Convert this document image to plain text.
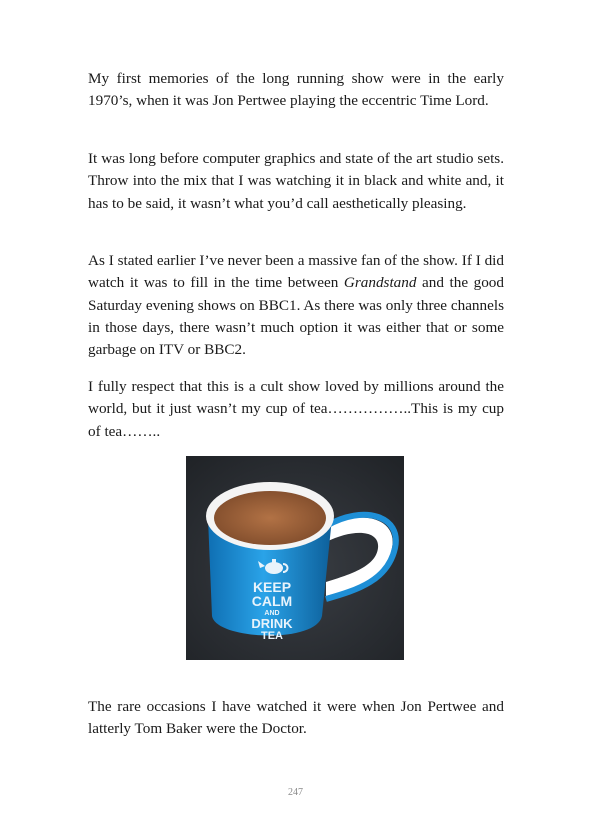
My first memories of the long running show were in the early 1970’s, when it was Jon Pertwee playing the eccentric Time Lord.

It was long before computer graphics and state of the art studio sets. Throw into the mix that I was watching it in black and white and, it has to be said, it wasn’t what you’d call aesthetically pleasing.

As I stated earlier I’ve never been a massive fan of the show. If I did watch it was to fill in the time between Grandstand and the good Saturday evening shows on BBC1. As there was only three channels in those days, there wasn’t much option it was either that or some garbage on ITV or BBC2.

I fully respect that this is a cult show loved by millions around the world, but it just wasn’t my cup of tea……………..This is my cup of tea……..

KEEP
CALM
AND
DRINK
TEA

The rare occasions I have watched it were when Jon Pertwee and latterly Tom Baker were the Doctor.

247
